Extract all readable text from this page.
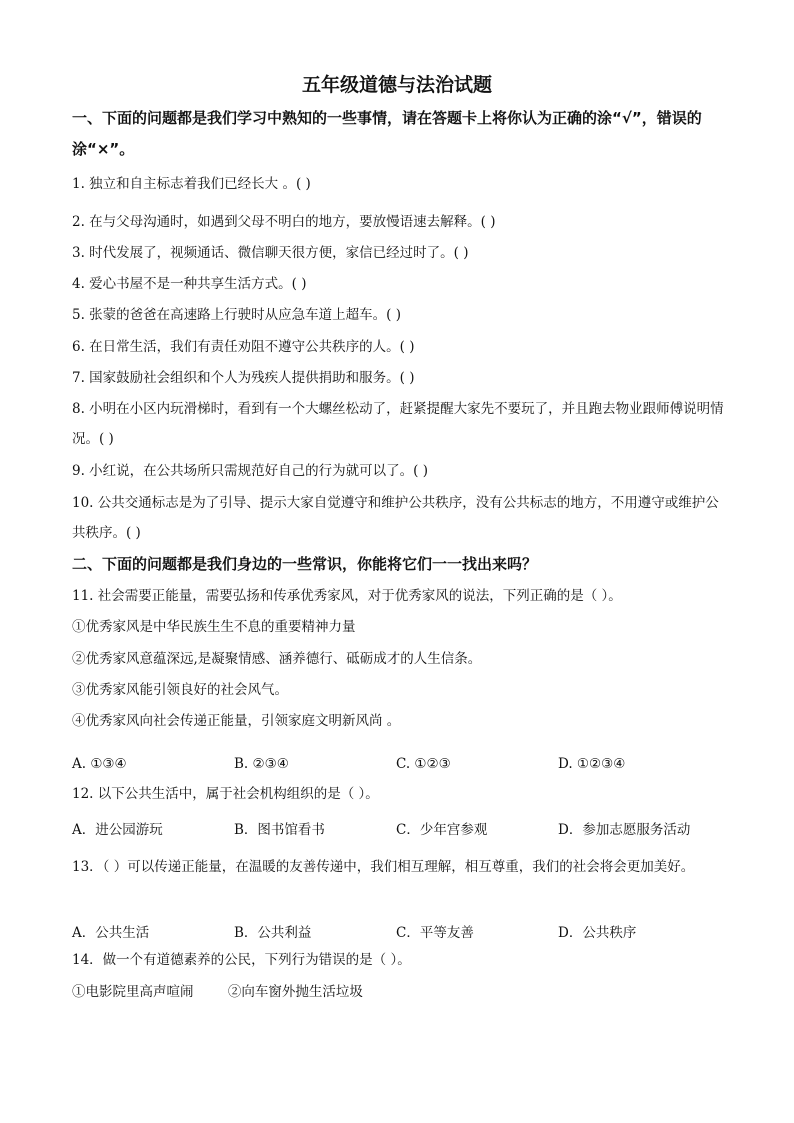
五年级道德与法治试题
一、下面的问题都是我们学习中熟知的一些事情，请在答题卡上将你认为正确的涂“√”，错误的涂“×”。
1. 独立和自主标志着我们已经长大 。( )
2. 在与父母沟通时，如遇到父母不明白的地方，要放慢语速去解释。( )
3. 时代发展了，视频通话、微信聊天很方便，家信已经过时了。( )
4. 爱心书屋不是一种共享生活方式。( )
5. 张蒙的爸爸在高速路上行驶时从应急车道上超车。( )
6. 在日常生活，我们有责任劝阻不遵守公共秩序的人。( )
7. 国家鼓励社会组织和个人为残疾人提供捐助和服务。( )
8. 小明在小区内玩滑梯时，看到有一个大螺丝松动了，赶紧提醒大家先不要玩了，并且跑去物业跟师傅说明情况。( )
9. 小红说，在公共场所只需规范好自己的行为就可以了。( )
10. 公共交通标志是为了引导、提示大家自觉遵守和维护公共秩序，没有公共标志的地方，不用遵守或维护公共秩序。( )
二、下面的问题都是我们身边的一些常识，你能将它们一一找出来吗？
11. 社会需要正能量，需要弘扬和传承优秀家风，对于优秀家风的说法，下列正确的是（ ）。
①优秀家风是中华民族生生不息的重要精神力量
②优秀家风意蕴深远,是凝聚情感、涵养德行、砥砺成才的人生信条。
③优秀家风能引领良好的社会风气。
④优秀家风向社会传递正能量，引领家庭文明新风尚 。
A. ①③④	B. ②③④	C. ①②③	D. ①②③④
12. 以下公共生活中，属于社会机构组织的是（ ）。
A．进公园游玩	B．图书馆看书	C．少年宫参观	D．参加志愿服务活动
13．（ ）可以传递正能量，在温暖的友善传递中，我们相互理解，相互尊重，我们的社会将会更加美好。
A．公共生活	B．公共利益	C．平等友善	D．公共秩序
14．做一个有道德素养的公民，下列行为错误的是（ ）。
①电影院里高声喧闹        ②向车窗外抛生活垃圾
